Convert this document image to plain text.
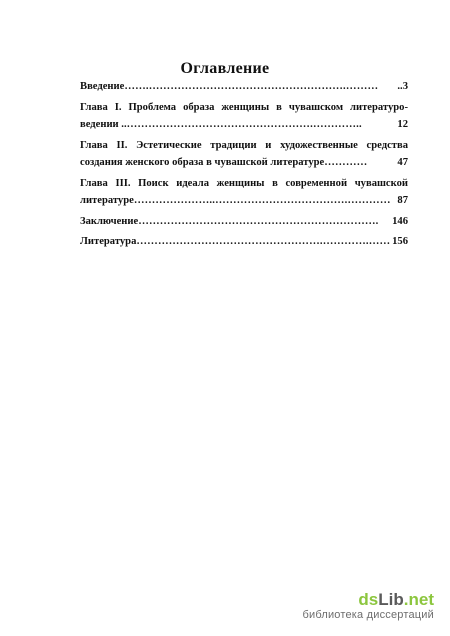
Оглавление
Введение …….……………………………………………….………	..3
Глава I. Проблема образа женщины в чувашском литературо-
ведении .. …………………………………………….…………..	12
Глава II. Эстетические традиции и художественные средства
создания женского образа в чувашской литературе …………	47
Глава III. Поиск идеала женщины в современной чувашской
литературе …………………..……………………………….………… 87
Заключение ………………………………………………………….	146
Литература …………………………………………….………….…… 156
dsLib.net
библиотека диссертаций
